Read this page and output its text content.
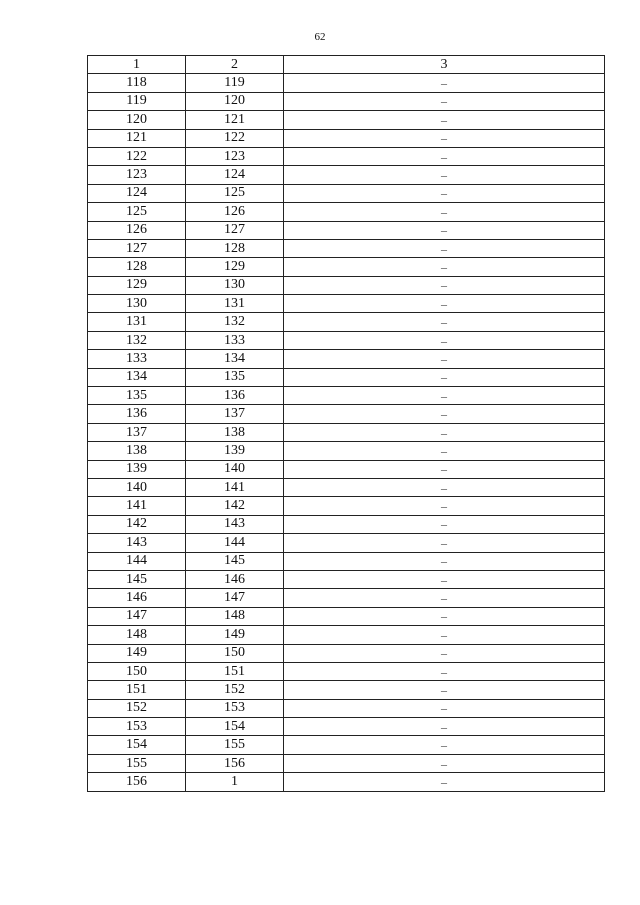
62
1	2	3
118	119	–
119	120	–
120	121	–
121	122	–
122	123	–
123	124	–
124	125	–
125	126	–
126	127	–
127	128	–
128	129	–
129	130	–
130	131	–
131	132	–
132	133	–
133	134	–
134	135	–
135	136	–
136	137	–
137	138	–
138	139	–
139	140	–
140	141	–
141	142	–
142	143	–
143	144	–
144	145	–
145	146	–
146	147	–
147	148	–
148	149	–
149	150	–
150	151	–
151	152	–
152	153	–
153	154	–
154	155	–
155	156	–
156	1	–
